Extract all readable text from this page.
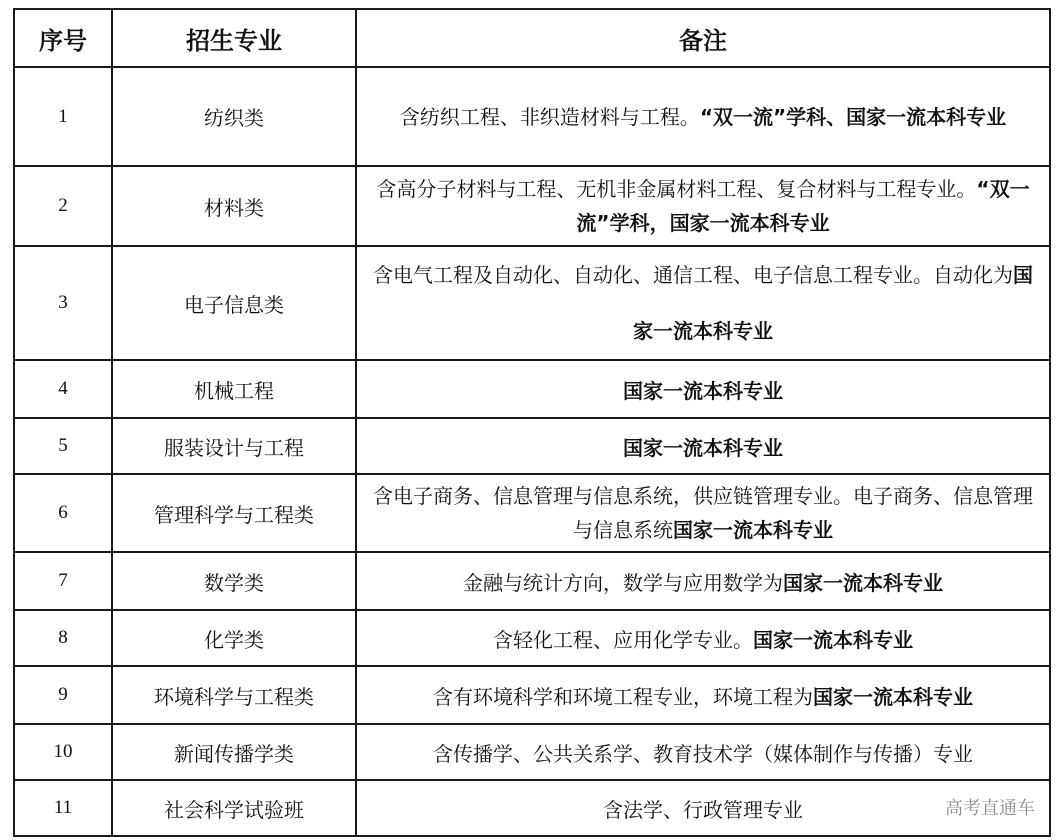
序号	招生专业	备注
1	纺织类	含纺织工程、非织造材料与工程。“双一流”学科、国家一流本科专业
2	材料类	含高分子材料与工程、无机非金属材料工程、复合材料与工程专业。“双一流”学科，国家一流本科专业
3	电子信息类	含电气工程及自动化、自动化、通信工程、电子信息工程专业。自动化为国家一流本科专业
4	机械工程	国家一流本科专业
5	服装设计与工程	国家一流本科专业
6	管理科学与工程类	含电子商务、信息管理与信息系统，供应链管理专业。电子商务、信息管理与信息系统国家一流本科专业
7	数学类	金融与统计方向，数学与应用数学为国家一流本科专业
8	化学类	含轻化工程、应用化学专业。国家一流本科专业
9	环境科学与工程类	含有环境科学和环境工程专业，环境工程为国家一流本科专业
10	新闻传播学类	含传播学、公共关系学、教育技术学（媒体制作与传播）专业
11	社会科学试验班	含法学、行政管理专业	高考直通车
